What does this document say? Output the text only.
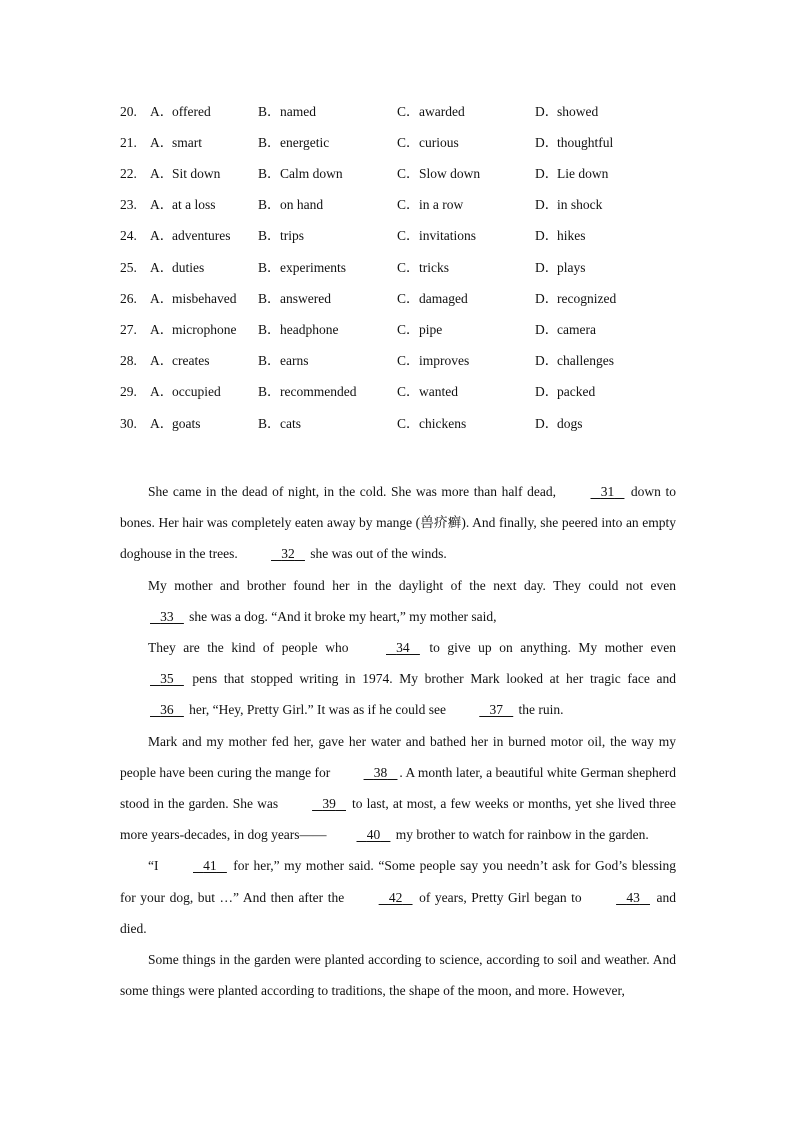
20. A．offered	B．named	C．awarded	D．showed
21. A．smart	B．energetic	C．curious	D．thoughtful
22. A．Sit down	B．Calm down	C．Slow down	D．Lie down
23. A．at a loss	B．on hand	C．in a row	D．in shock
24. A．adventures B．trips	C．invitations	D．hikes
25. A．duties	B．experiments	C．tricks	D．plays
26. A．misbehaved B．answered	C．damaged	D．recognized
27. A．microphone B．headphone	C．pipe	D．camera
28. A．creates	B．earns	C．improves	D．challenges
29. A．occupied	B．recommended	C．wanted	D．packed
30. A．goats	B．cats	C．chickens	D．dogs

She came in the dead of night, in the cold. She was more than half dead,	31 down to bones. Her hair was completely eaten away by mange (兽疥癣). And finally, she peered into an empty doghouse in the trees.	32 she was out of the winds.

My mother and brother found her in the daylight of the next day. They could not even 33 she was a dog. “And it broke my heart,” my mother said,

They are the kind of people who	34 to give up on anything. My mother even 35 pens that stopped writing in 1974. My brother Mark looked at her tragic face and 36 her, “Hey, Pretty Girl.” It was as if he could see	37 the ruin.

Mark and my mother fed her, gave her water and bathed her in burned motor oil, the way my people have been curing the mange for	38 . A month later, a beautiful white German shepherd stood in the garden. She was	39 to last, at most, a few weeks or months, yet she lived three more years-decades, in dog years——	40 my brother to watch for rainbow in the garden.

“I	41 for her,” my mother said. “Some people say you needn’t ask for God’s blessing for your dog, but …” And then after the	42 of years, Pretty Girl began to	43 and died.

Some things in the garden were planted according to science, according to soil and weather. And some things were planted according to traditions, the shape of the moon, and more. However,
